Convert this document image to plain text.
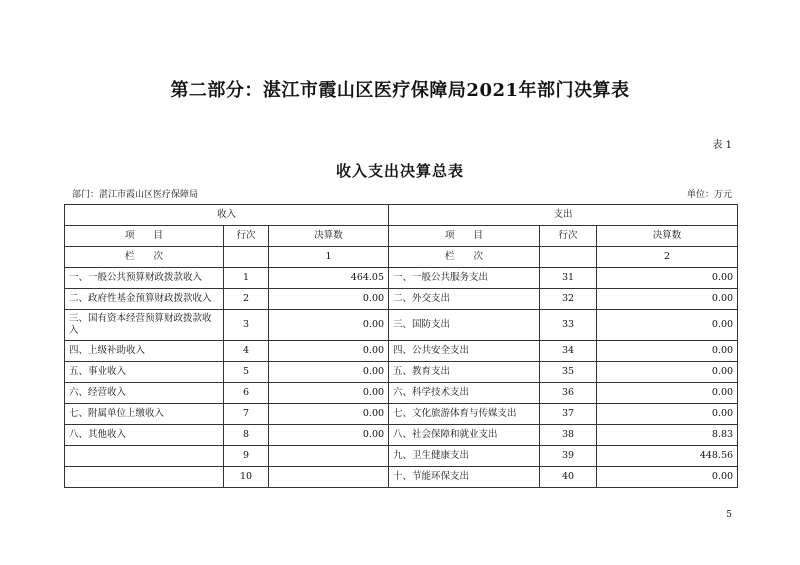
第二部分：湛江市霞山区医疗保障局2021年部门决算表
表 1
收入支出决算总表
部门：湛江市霞山区医疗保障局	单位：万元
收入			支出		
项　　目	行次	决算数	项　　目	行次	决算数
栏　　次		1	栏　　次		2
一、一般公共预算财政拨款收入	1	464.05	一、一般公共服务支出	31	0.00
二、政府性基金预算财政拨款收入	2	0.00	二、外交支出	32	0.00
三、国有资本经营预算财政拨款收入	3	0.00	三、国防支出	33	0.00
四、上级补助收入	4	0.00	四、公共安全支出	34	0.00
五、事业收入	5	0.00	五、教育支出	35	0.00
六、经营收入	6	0.00	六、科学技术支出	36	0.00
七、附属单位上缴收入	7	0.00	七、文化旅游体育与传媒支出	37	0.00
八、其他收入	8	0.00	八、社会保障和就业支出	38	8.83
	9		九、卫生健康支出	39	448.56
	10		十、节能环保支出	40	0.00
5
